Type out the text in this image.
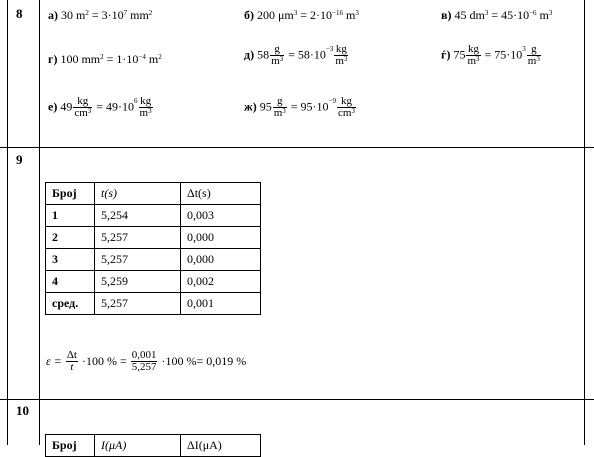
8 а) 30 $m^2 = 3\cdot 10^7$ $mm^2$	б) 200 $\mu m^3 = 2\cdot 10^{-16}$ $m^3$	в) 45 $dm^3 = 45\cdot 10^{-6}$ $m^3$
г) 100 $mm^2 = 1\cdot 10^{-4}$ $m^2$	д) $58 \frac{g}{m^3} = 58\cdot 10^{-3} \frac{kg}{m^3}$	ѓ) $75 \frac{kg}{m^3} = 75\cdot 10^3 \frac{g}{m^3}$
е) $49 \frac{kg}{cm^3} = 49\cdot 10^6 \frac{kg}{m^3}$	ж) $95 \frac{g}{m^3} = 95\cdot 10^{-9} \frac{kg}{cm^3}$
9
Број	t(s)	Δt(s)
1	5,254	0,003
2	5,257	0,000
3	5,257	0,000
4	5,259	0,002
сред.	5,257	0,001
$\varepsilon = \frac{\Delta t}{t} \cdot 100$ % = $\frac{0,001}{5,257} \cdot 100$ %= 0,019 %
10
Број	I(μA)	ΔI(μA)
